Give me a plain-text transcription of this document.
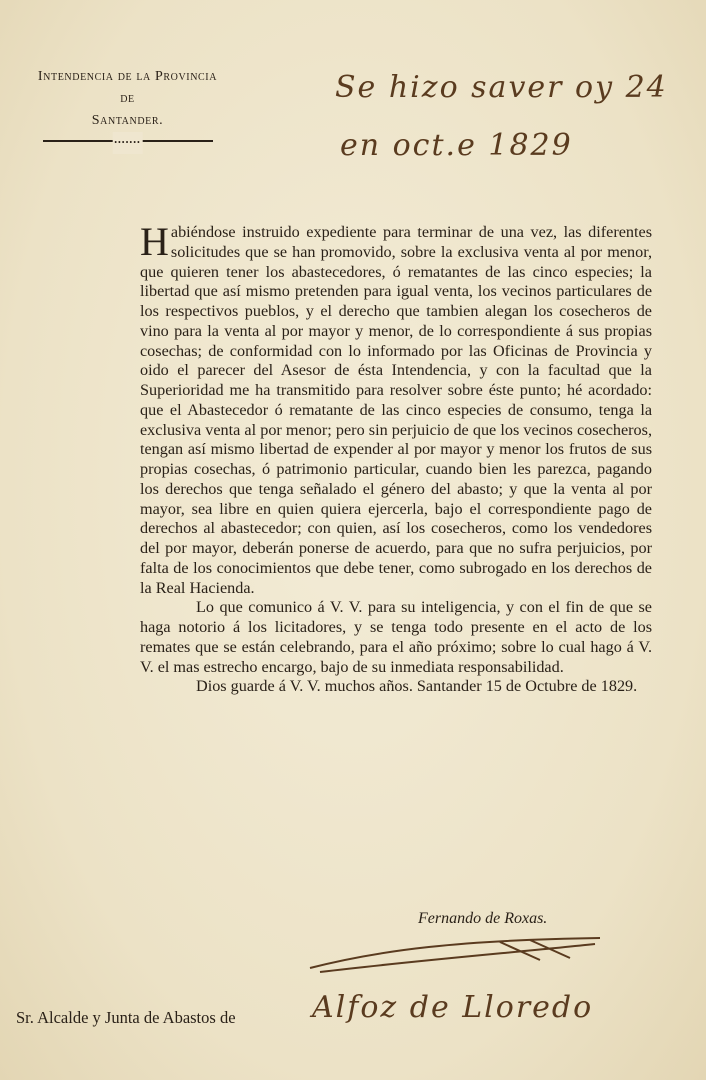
Intendencia de la Provincia
de
Santander.
•••••••
Se hizo saver oy 24
en oct.e 1829

Habiéndose instruido expediente para terminar de una vez, las diferentes solicitudes que se han promovido, sobre la exclusiva venta al por menor, que quieren tener los abastecedores, ó rematantes de las cinco especies; la libertad que así mismo pretenden para igual venta, los vecinos particulares de los respectivos pueblos, y el derecho que tambien alegan los cosecheros de vino para la venta al por mayor y menor, de lo correspondiente á sus propias cosechas; de conformidad con lo informado por las Oficinas de Provincia y oido el parecer del Asesor de ésta Intendencia, y con la facultad que la Superioridad me ha transmitido para resolver sobre éste punto; hé acordado: que el Abastecedor ó rematante de las cinco especies de consumo, tenga la exclusiva venta al por menor; pero sin perjuicio de que los vecinos cosecheros, tengan así mismo libertad de expender al por mayor y menor los frutos de sus propias cosechas, ó patrimonio particular, cuando bien les parezca, pagando los derechos que tenga señalado el género del abasto; y que la venta al por mayor, sea libre en quien quiera ejercerla, bajo el correspondiente pago de derechos al abastecedor; con quien, así los cosecheros, como los vendedores del por mayor, deberán ponerse de acuerdo, para que no sufra perjuicios, por falta de los conocimientos que debe tener, como subrogado en los derechos de la Real Hacienda.

Lo que comunico á V. V. para su inteligencia, y con el fin de que se haga notorio á los licitadores, y se tenga todo presente en el acto de los remates que se están celebrando, para el año próximo; sobre lo cual hago á V. V. el mas estrecho encargo, bajo de su inmediata responsabilidad.

Dios guarde á V. V. muchos años. Santander 15 de Octubre de 1829.

Fernando de Roxas.
Sr. Alcalde y Junta de Abastos de	Alfoz de Lloredo
